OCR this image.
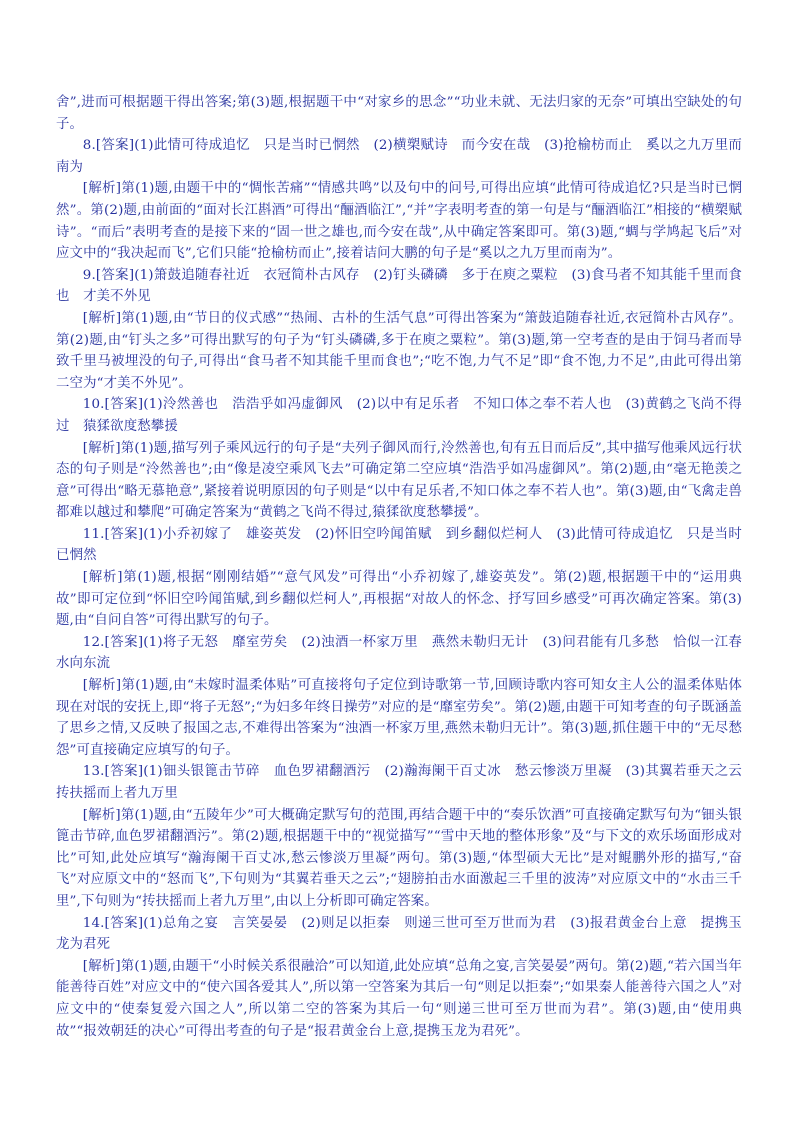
舍”,进而可根据题干得出答案;第(3)题,根据题干中“对家乡的思念”“功业未就、无法归家的无奈”可填出空缺处的句子。

8.[答案](1)此情可待成追忆　只是当时已惘然　(2)横槊赋诗　而今安在哉　(3)抢榆枋而止　奚以之九万里而南为

[解析]第(1)题,由题干中的“惆怅苦痛”“情感共鸣”以及句中的问号,可得出应填“此情可待成追忆?只是当时已惘然”。第(2)题,由前面的“面对长江斟酒”可得出“酾酒临江”,“并”字表明考查的第一句是与“酾酒临江”相接的“横槊赋诗”。“而后”表明考查的是接下来的“固一世之雄也,而今安在哉”,从中确定答案即可。第(3)题,“蜩与学鸠起飞后”对应文中的“我决起而飞”,它们只能“抢榆枋而止”,接着诘问大鹏的句子是“奚以之九万里而南为”。

9.[答案](1)箫鼓追随春社近　衣冠简朴古风存　(2)钉头磷磷　多于在庾之粟粒　(3)食马者不知其能千里而食也　才美不外见

[解析]第(1)题,由“节日的仪式感”“热闹、古朴的生活气息”可得出答案为“箫鼓追随春社近,衣冠简朴古风存”。第(2)题,由“钉头之多”可得出默写的句子为“钉头磷磷,多于在庾之粟粒”。第(3)题,第一空考查的是由于饲马者而导致千里马被埋没的句子,可得出“食马者不知其能千里而食也”;“吃不饱,力气不足”即“食不饱,力不足”,由此可得出第二空为“才美不外见”。

10.[答案](1)泠然善也　浩浩乎如冯虚御风　(2)以中有足乐者　不知口体之奉不若人也　(3)黄鹤之飞尚不得过　猿猱欲度愁攀援

[解析]第(1)题,描写列子乘风远行的句子是“夫列子御风而行,泠然善也,旬有五日而后反”,其中描写他乘风远行状态的句子则是“泠然善也”;由“像是凌空乘风飞去”可确定第二空应填“浩浩乎如冯虚御风”。第(2)题,由“毫无艳羡之意”可得出“略无慕艳意”,紧接着说明原因的句子则是“以中有足乐者,不知口体之奉不若人也”。第(3)题,由“飞禽走兽都难以越过和攀爬”可确定答案为“黄鹤之飞尚不得过,猿猱欲度愁攀援”。

11.[答案](1)小乔初嫁了　雄姿英发　(2)怀旧空吟闻笛赋　到乡翻似烂柯人　(3)此情可待成追忆　只是当时已惘然

[解析]第(1)题,根据“刚刚结婚”“意气风发”可得出“小乔初嫁了,雄姿英发”。第(2)题,根据题干中的“运用典故”即可定位到“怀旧空吟闻笛赋,到乡翻似烂柯人”,再根据“对故人的怀念、抒写回乡感受”可再次确定答案。第(3)题,由“自问自答”可得出默写的句子。

12.[答案](1)将子无怒　靡室劳矣　(2)浊酒一杯家万里　燕然未勒归无计　(3)问君能有几多愁　恰似一江春水向东流

[解析]第(1)题,由“未嫁时温柔体贴”可直接将句子定位到诗歌第一节,回顾诗歌内容可知女主人公的温柔体贴体现在对氓的安抚上,即“将子无怒”;“为妇多年终日操劳”对应的是“靡室劳矣”。第(2)题,由题干可知考查的句子既涵盖了思乡之情,又反映了报国之志,不难得出答案为“浊酒一杯家万里,燕然未勒归无计”。第(3)题,抓住题干中的“无尽愁怨”可直接确定应填写的句子。

13.[答案](1)钿头银篦击节碎　血色罗裙翻酒污　(2)瀚海阑干百丈冰　愁云惨淡万里凝　(3)其翼若垂天之云　抟扶摇而上者九万里

[解析]第(1)题,由“五陵年少”可大概确定默写句的范围,再结合题干中的“奏乐饮酒”可直接确定默写句为“钿头银篦击节碎,血色罗裙翻酒污”。第(2)题,根据题干中的“视觉描写”“雪中天地的整体形象”及“与下文的欢乐场面形成对比”可知,此处应填写“瀚海阑干百丈冰,愁云惨淡万里凝”两句。第(3)题,“体型硕大无比”是对鲲鹏外形的描写,“奋飞”对应原文中的“怒而飞”,下句则为“其翼若垂天之云”;“翅膀拍击水面激起三千里的波涛”对应原文中的“水击三千里”,下句则为“抟扶摇而上者九万里”,由以上分析即可确定答案。

14.[答案](1)总角之宴　言笑晏晏　(2)则足以拒秦　则递三世可至万世而为君　(3)报君黄金台上意　提携玉龙为君死

[解析]第(1)题,由题干“小时候关系很融洽”可以知道,此处应填“总角之宴,言笑晏晏”两句。第(2)题,“若六国当年能善待百姓”对应文中的“使六国各爱其人”,所以第一空答案为其后一句“则足以拒秦”;“如果秦人能善待六国之人”对应文中的“使秦复爱六国之人”,所以第二空的答案为其后一句“则递三世可至万世而为君”。第(3)题,由“使用典故”“报效朝廷的决心”可得出考查的句子是“报君黄金台上意,提携玉龙为君死”。
